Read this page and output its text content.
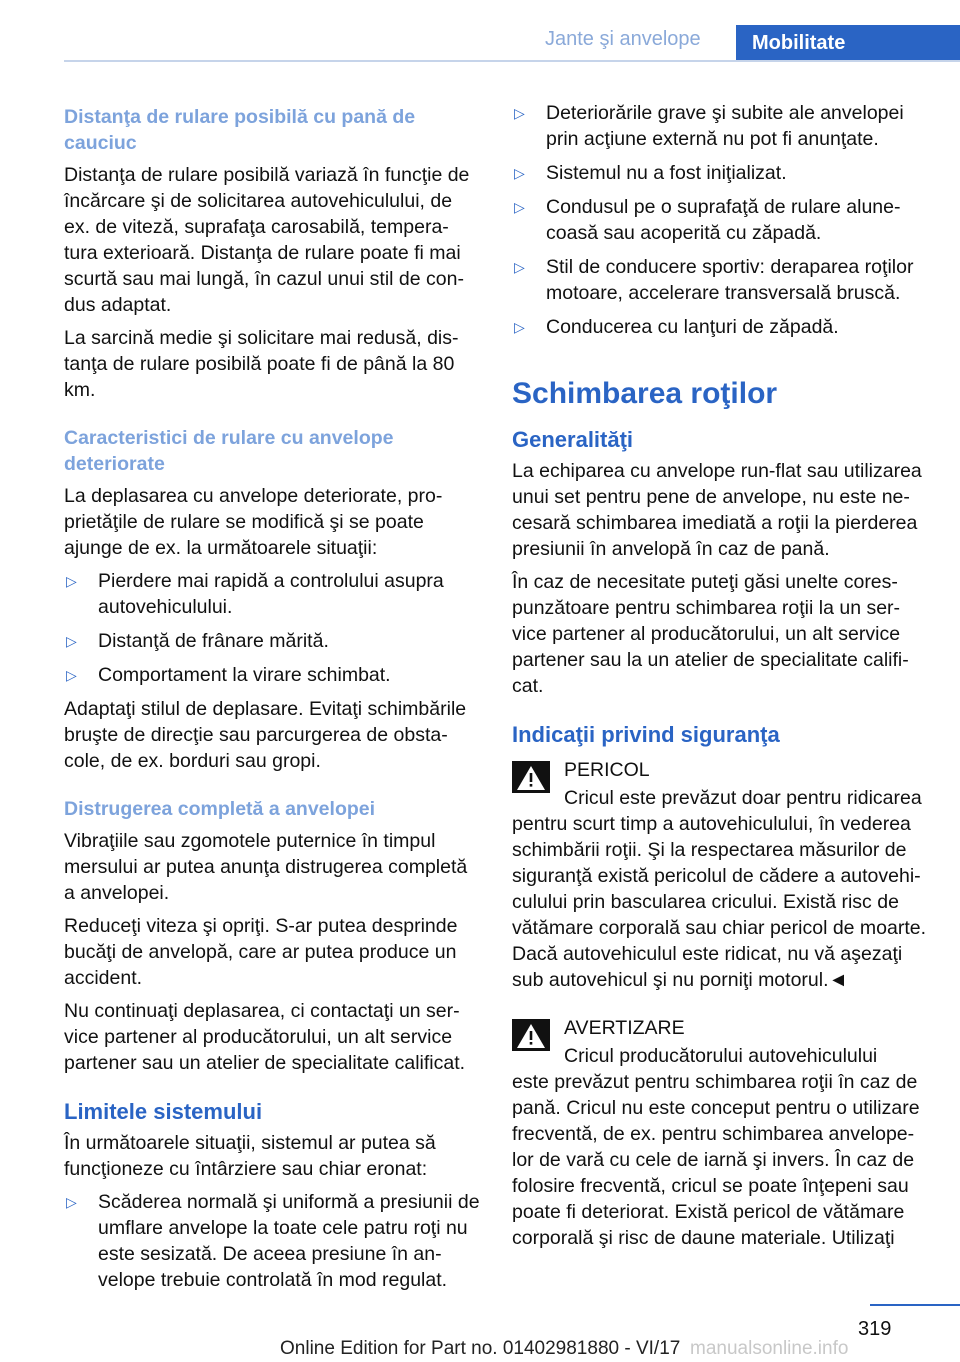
Jante şi anvelope	Mobilitate
Distanţa de rulare posibilă cu pană de cauciuc

Distanţa de rulare posibilă variază în funcţie de încărcare şi de solicitarea autovehiculului, de ex. de viteză, suprafaţa carosabilă, tempera‐tura exterioară. Distanţa de rulare poate fi mai scurtă sau mai lungă, în cazul unui stil de con‐dus adaptat.

La sarcină medie şi solicitare mai redusă, dis‐tanţa de rulare posibilă poate fi de până la 80 km.

Caracteristici de rulare cu anvelope deteriorate

La deplasarea cu anvelope deteriorate, pro‐prietăţile de rulare se modifică şi se poate ajunge de ex. la următoarele situaţii:

▷ Pierdere mai rapidă a controlului asupra autovehiculului.
▷ Distanţă de frânare mărită.
▷ Comportament la virare schimbat.

Adaptaţi stilul de deplasare. Evitaţi schimbările bruşte de direcţie sau parcurgerea de obsta‐cole, de ex. borduri sau gropi.

Distrugerea completă a anvelopei

Vibraţiile sau zgomotele puternice în timpul mersului ar putea anunţa distrugerea completă a anvelopei.

Reduceţi viteza şi opriţi. S-ar putea desprinde bucăţi de anvelopă, care ar putea produce un accident.

Nu continuaţi deplasarea, ci contactaţi un ser‐vice partener al producătorului, un alt service partener sau un atelier de specialitate calificat.

Limitele sistemului

În următoarele situaţii, sistemul ar putea să funcţioneze cu întârziere sau chiar eronat:

▷ Scăderea normală şi uniformă a presiunii de umflare anvelope la toate cele patru roţi nu este sesizată. De aceea presiune în an‐velope trebuie controlată în mod regulat.
▷ Deteriorările grave şi subite ale anvelopei prin acţiune externă nu pot fi anunţate.
▷ Sistemul nu a fost iniţializat.
▷ Condusul pe o suprafaţă de rulare alune‐coasă sau acoperită cu zăpadă.
▷ Stil de conducere sportiv: deraparea roţilor motoare, accelerare transversală bruscă.
▷ Conducerea cu lanţuri de zăpadă.
Schimbarea roţilor
Generalităţi

La echiparea cu anvelope run-flat sau utilizarea unui set pentru pene de anvelope, nu este ne‐cesară schimbarea imediată a roţii la pierderea presiunii în anvelopă în caz de pană.

În caz de necesitate puteţi găsi unelte cores‐punzătoare pentru schimbarea roţii la un ser‐vice partener al producătorului, un alt service partener sau la un atelier de specialitate califi‐cat.

Indicaţii privind siguranţa
PERICOL
Cricul este prevăzut doar pentru ridicarea

pentru scurt timp a autovehiculului, în vederea schimbării roţii. Şi la respectarea măsurilor de siguranţă există pericolul de cădere a autovehi‐culului prin bascularea cricului. Există risc de vătămare corporală sau chiar pericol de moarte. Dacă autovehiculul este ridicat, nu vă aşezaţi sub autovehicul şi nu porniţi motorul.◄

AVERTIZARE
Cricul producătorului autovehiculului

este prevăzut pentru schimbarea roţii în caz de pană. Cricul nu este conceput pentru o utilizare frecventă, de ex. pentru schimbarea anvelope‐lor de vară cu cele de iarnă şi invers. În caz de folosire frecventă, cricul se poate înţepeni sau poate fi deteriorat. Există pericol de vătămare corporală şi risc de daune materiale. Utilizaţi

319
Online Edition for Part no. 01402981880 - VI/17 manualsonline.info
